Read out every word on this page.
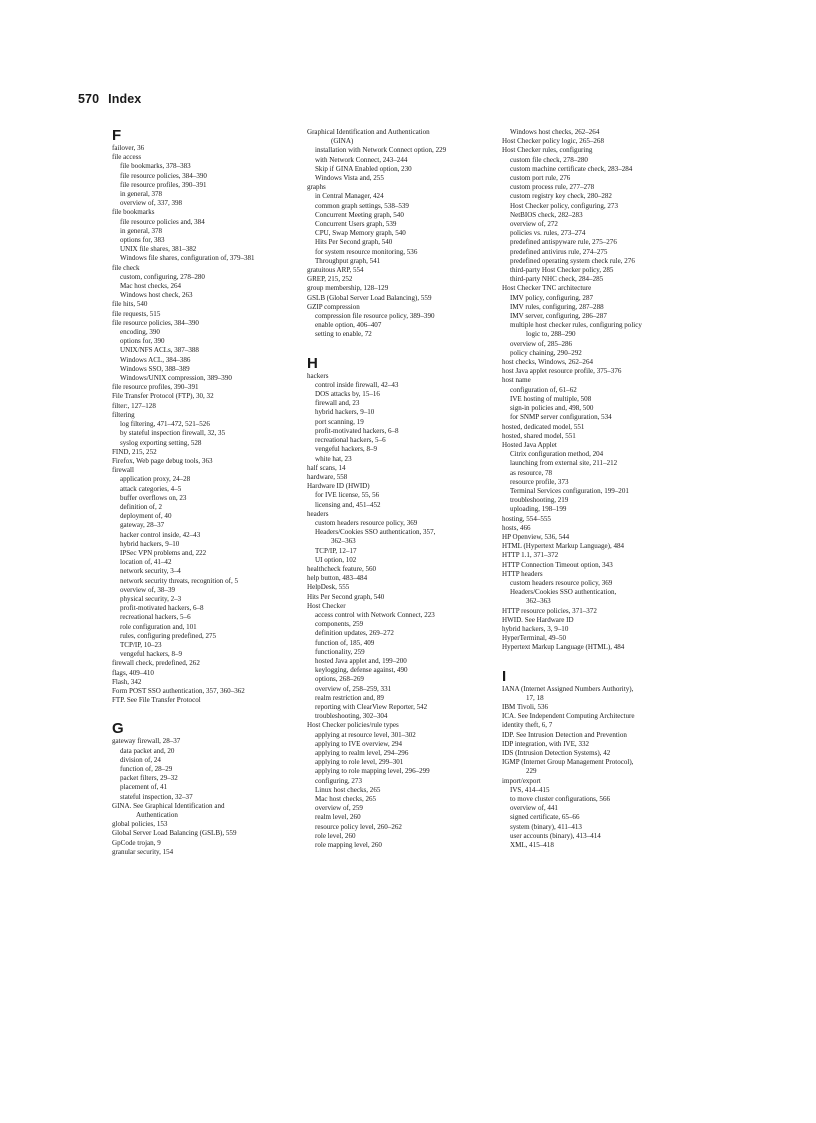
570 Index
F
failover, 36
file access
file bookmarks, 378–383
file resource policies, 384–390
file resource profiles, 390–391
in general, 378
overview of, 337, 398
file bookmarks
file resource policies and, 384
in general, 378
options for, 383
UNIX file shares, 381–382
Windows file shares, configuration of, 379–381
file check
custom, configuring, 278–280
Mac host checks, 264
Windows host check, 263
file hits, 540
file requests, 515
file resource policies, 384–390
encoding, 390
options for, 390
UNIX/NFS ACLs, 387–388
Windows ACL, 384–386
Windows SSO, 388–389
Windows/UNIX compression, 389–390
file resource profiles, 390–391
File Transfer Protocol (FTP), 30, 32
filter:, 127–128
filtering
log filtering, 471–472, 521–526
by stateful inspection firewall, 32, 35
syslog exporting setting, 528
FIND, 215, 252
Firefox, Web page debug tools, 363
firewall
application proxy, 24–28
attack categories, 4–5
buffer overflows on, 23
definition of, 2
deployment of, 40
gateway, 28–37
hacker control inside, 42–43
hybrid hackers, 9–10
IPSec VPN problems and, 222
location of, 41–42
network security, 3–4
network security threats, recognition of, 5
overview of, 38–39
physical security, 2–3
profit-motivated hackers, 6–8
recreational hackers, 5–6
role configuration and, 101
rules, configuring predefined, 275
TCP/IP, 10–23
vengeful hackers, 8–9
firewall check, predefined, 262
flags, 409–410
Flash, 342
Form POST SSO authentication, 357, 360–362
FTP. See File Transfer Protocol
G
gateway firewall, 28–37
data packet and, 20
division of, 24
function of, 28–29
packet filters, 29–32
placement of, 41
stateful inspection, 32–37
GINA. See Graphical Identification and
Authentication
global policies, 153
Global Server Load Balancing (GSLB), 559
GpCode trojan, 9
granular security, 154
Graphical Identification and Authentication
(GINA)
installation with Network Connect option, 229
with Network Connect, 243–244
Skip if GINA Enabled option, 230
Windows Vista and, 255
graphs
in Central Manager, 424
common graph settings, 538–539
Concurrent Meeting graph, 540
Concurrent Users graph, 539
CPU, Swap Memory graph, 540
Hits Per Second graph, 540
for system resource monitoring, 536
Throughput graph, 541
gratuitous ARP, 554
GREP, 215, 252
group membership, 128–129
GSLB (Global Server Load Balancing), 559
GZIP compression
compression file resource policy, 389–390
enable option, 406–407
setting to enable, 72
H
hackers
control inside firewall, 42–43
DOS attacks by, 15–16
firewall and, 23
hybrid hackers, 9–10
port scanning, 19
profit-motivated hackers, 6–8
recreational hackers, 5–6
vengeful hackers, 8–9
white hat, 23
half scans, 14
hardware, 558
Hardware ID (HWID)
for IVE license, 55, 56
licensing and, 451–452
headers
custom headers resource policy, 369
Headers/Cookies SSO authentication, 357,
362–363
TCP/IP, 12–17
UI option, 102
healthcheck feature, 560
help button, 483–484
HelpDesk, 555
Hits Per Second graph, 540
Host Checker
access control with Network Connect, 223
components, 259
definition updates, 269–272
function of, 185, 409
functionality, 259
hosted Java applet and, 199–200
keylogging, defense against, 490
options, 268–269
overview of, 258–259, 331
realm restriction and, 89
reporting with ClearView Reporter, 542
troubleshooting, 302–304
Host Checker policies/rule types
applying at resource level, 301–302
applying to IVE overview, 294
applying to realm level, 294–296
applying to role level, 299–301
applying to role mapping level, 296–299
configuring, 273
Linux host checks, 265
Mac host checks, 265
overview of, 259
realm level, 260
resource policy level, 260–262
role level, 260
role mapping level, 260
Windows host checks, 262–264
Host Checker policy logic, 265–268
Host Checker rules, configuring
custom file check, 278–280
custom machine certificate check, 283–284
custom port rule, 276
custom process rule, 277–278
custom registry key check, 280–282
Host Checker policy, configuring, 273
NetBIOS check, 282–283
overview of, 272
policies vs. rules, 273–274
predefined antispyware rule, 275–276
predefined antivirus rule, 274–275
predefined operating system check rule, 276
third-party Host Checker policy, 285
third-party NHC check, 284–285
Host Checker TNC architecture
IMV policy, configuring, 287
IMV rules, configuring, 287–288
IMV server, configuring, 286–287
multiple host checker rules, configuring policy
logic to, 288–290
overview of, 285–286
policy chaining, 290–292
host checks, Windows, 262–264
host Java applet resource profile, 375–376
host name
configuration of, 61–62
IVE hosting of multiple, 508
sign-in policies and, 498, 500
for SNMP server configuration, 534
hosted, dedicated model, 551
hosted, shared model, 551
Hosted Java Applet
Citrix configuration method, 204
launching from external site, 211–212
as resource, 78
resource profile, 373
Terminal Services configuration, 199–201
troubleshooting, 219
uploading, 198–199
hosting, 554–555
hosts, 466
HP Openview, 536, 544
HTML (Hypertext Markup Language), 484
HTTP 1.1, 371–372
HTTP Connection Timeout option, 343
HTTP headers
custom headers resource policy, 369
Headers/Cookies SSO authentication,
362–363
HTTP resource policies, 371–372
HWID. See Hardware ID
hybrid hackers, 3, 9–10
HyperTerminal, 49–50
Hypertext Markup Language (HTML), 484
I
IANA (Internet Assigned Numbers Authority),
17, 18
IBM Tivoli, 536
ICA. See Independent Computing Architecture
identity theft, 6, 7
IDP. See Intrusion Detection and Prevention
IDP integration, with IVE, 332
IDS (Intrusion Detection Systems), 42
IGMP (Internet Group Management Protocol),
229
import/export
IVS, 414–415
to move cluster configurations, 566
overview of, 441
signed certificate, 65–66
system (binary), 411–413
user accounts (binary), 413–414
XML, 415–418
